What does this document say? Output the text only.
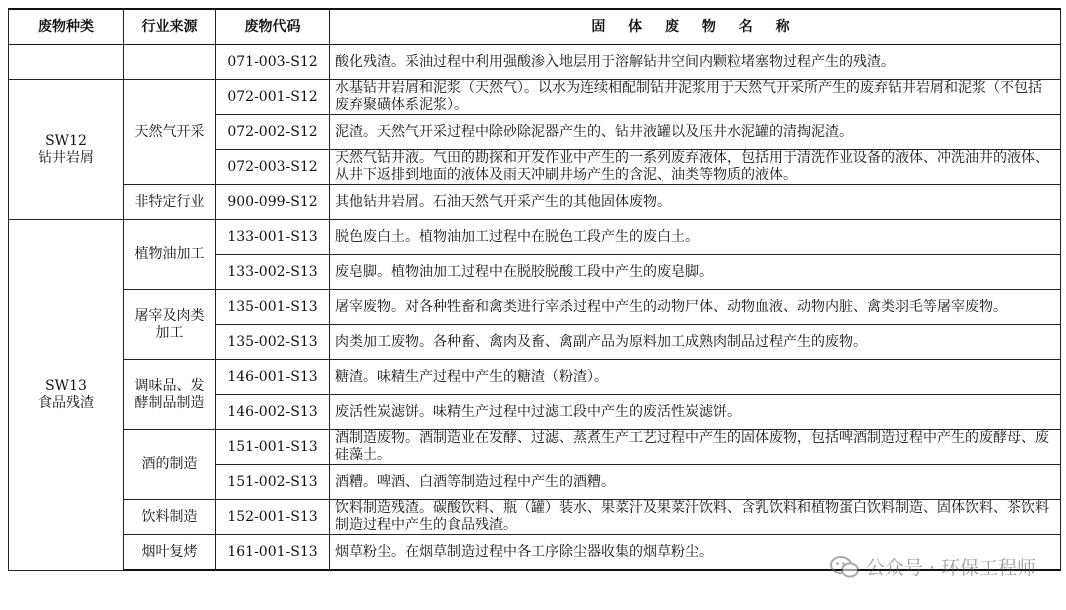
废物种类	行业来源	废物代码	固 体 废 物 名 称
		071-003-S12	酸化残渣。采油过程中利用强酸渗入地层用于溶解钻井空间内颗粒堵塞物过程产生的残渣。

SW12
钻井岩屑	天然气开采	072-001-S12	水基钻井岩屑和泥浆（天然气）。以水为连续相配制钻井泥浆用于天然气开采所产生的废弃钻井岩屑和泥浆（不包括废弃聚磺体系泥浆）。
		072-002-S12	泥渣。天然气开采过程中除砂除泥器产生的、钻井液罐以及压井水泥罐的清掏泥渣。
		072-003-S12	天然气钻井液。气田的勘探和开发作业中产生的一系列废弃液体，包括用于清洗作业设备的液体、冲洗油井的液体、从井下返排到地面的液体及雨天冲刷井场产生的含泥、油类等物质的液体。
	非特定行业	900-099-S12	其他钻井岩屑。石油天然气开采产生的其他固体废物。

SW13
食品残渣	植物油加工	133-001-S13	脱色废白土。植物油加工过程中在脱色工段产生的废白土。
		133-002-S13	废皂脚。植物油加工过程中在脱胶脱酸工段中产生的废皂脚。
	屠宰及肉类加工	135-001-S13	屠宰废物。对各种牲畜和禽类进行宰杀过程中产生的动物尸体、动物血液、动物内脏、禽类羽毛等屠宰废物。
		135-002-S13	肉类加工废物。各种畜、禽肉及畜、禽副产品为原料加工成熟肉制品过程产生的废物。
	调味品、发酵制品制造	146-001-S13	糖渣。味精生产过程中产生的糖渣（粉渣）。
		146-002-S13	废活性炭滤饼。味精生产过程中过滤工段中产生的废活性炭滤饼。
	酒的制造	151-001-S13	酒制造废物。酒制造业在发酵、过滤、蒸煮生产工艺过程中产生的固体废物，包括啤酒制造过程中产生的废酵母、废硅藻土。
		151-002-S13	酒糟。啤酒、白酒等制造过程中产生的酒糟。
	饮料制造	152-001-S13	饮料制造残渣。碳酸饮料、瓶（罐）装水、果菜汁及果菜汁饮料、含乳饮料和植物蛋白饮料制造、固体饮料、茶饮料制造过程中产生的食品残渣。
	烟叶复烤	161-001-S13	烟草粉尘。在烟草制造过程中各工序除尘器收集的烟草粉尘。
公众号 · 环保工程师
